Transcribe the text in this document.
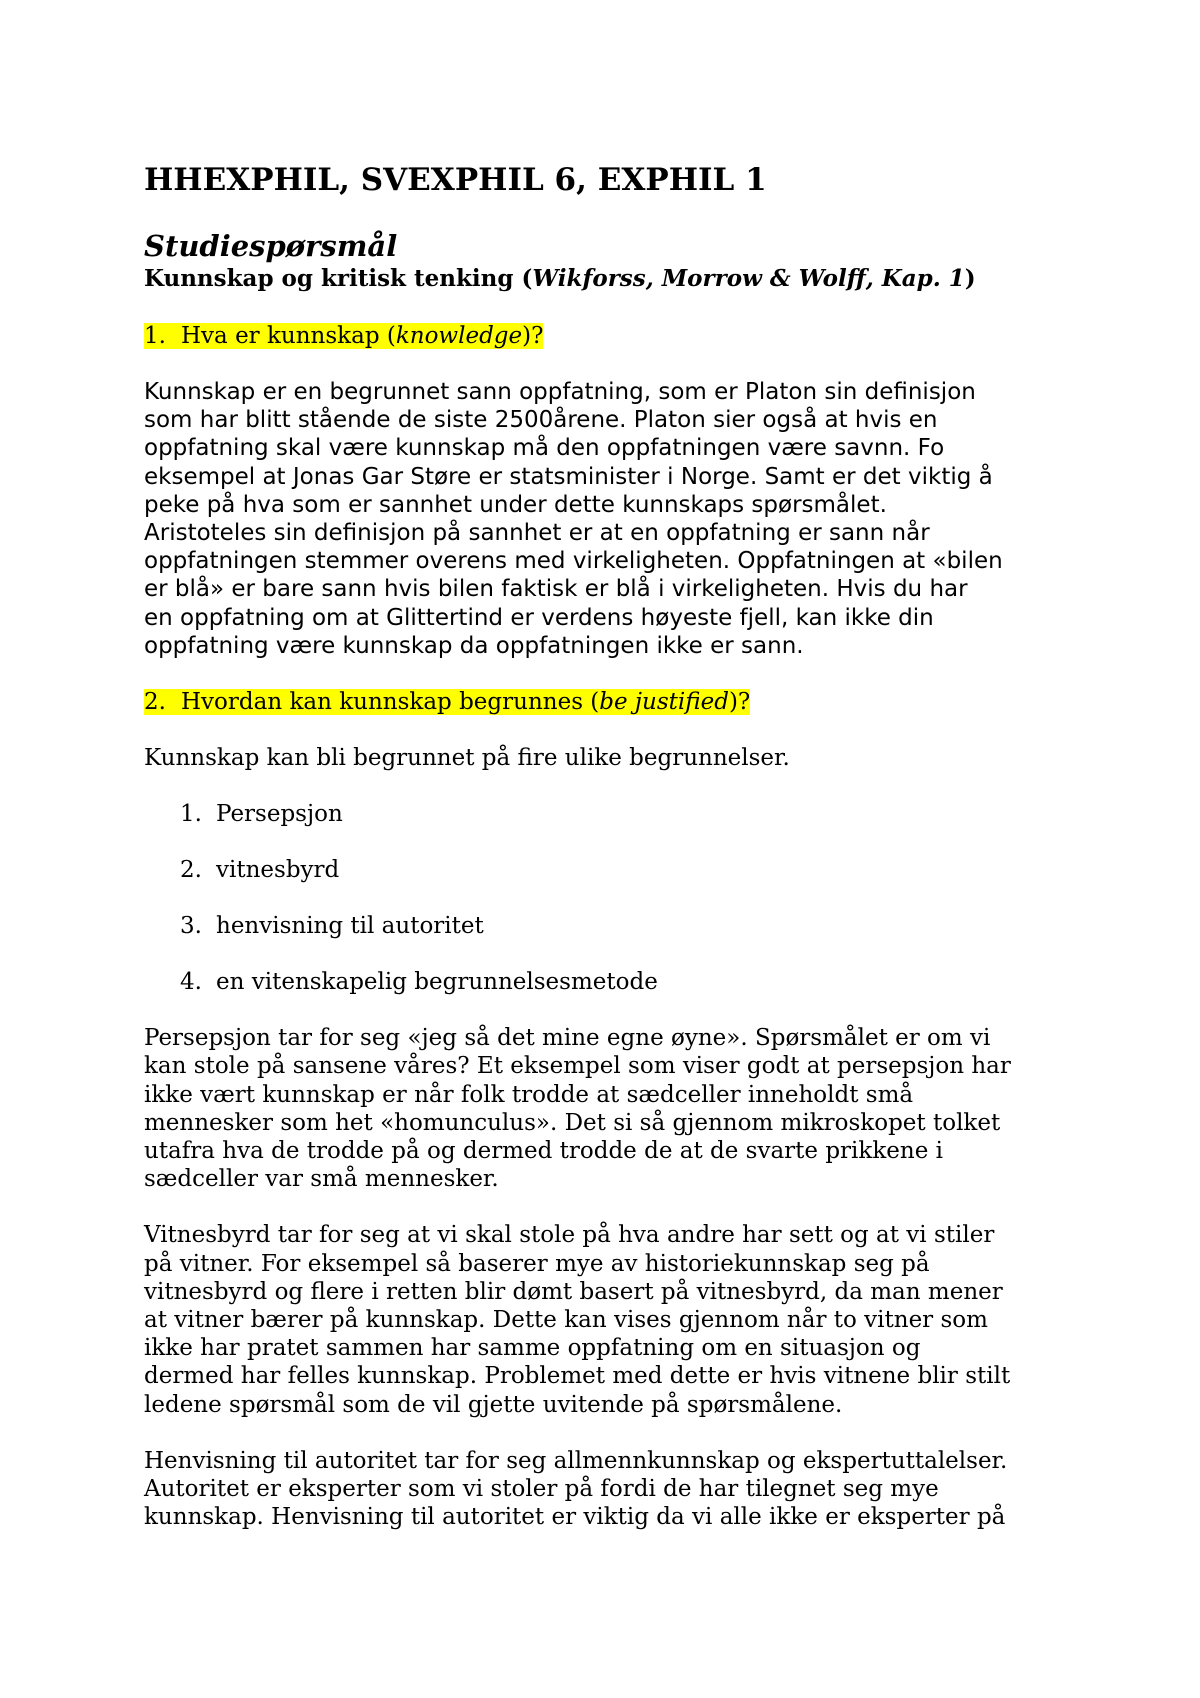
HHEXPHIL, SVEXPHIL 6, EXPHIL 1
Studiespørsmål
Kunnskap og kritisk tenking (Wikforss, Morrow & Wolff, Kap. 1)
1. Hva er kunnskap (knowledge)?
Kunnskap er en begrunnet sann oppfatning, som er Platon sin definisjon
som har blitt stående de siste 2500årene. Platon sier også at hvis en
oppfatning skal være kunnskap må den oppfatningen være savnn. Fo
eksempel at Jonas Gar Støre er statsminister i Norge. Samt er det viktig å
peke på hva som er sannhet under dette kunnskaps spørsmålet.
Aristoteles sin definisjon på sannhet er at en oppfatning er sann når
oppfatningen stemmer overens med virkeligheten. Oppfatningen at «bilen
er blå» er bare sann hvis bilen faktisk er blå i virkeligheten. Hvis du har
en oppfatning om at Glittertind er verdens høyeste fjell, kan ikke din
oppfatning være kunnskap da oppfatningen ikke er sann.
2. Hvordan kan kunnskap begrunnes (be justified)?
Kunnskap kan bli begrunnet på fire ulike begrunnelser.
1. Persepsjon
2. vitnesbyrd
3. henvisning til autoritet
4. en vitenskapelig begrunnelsesmetode
Persepsjon tar for seg «jeg så det mine egne øyne». Spørsmålet er om vi
kan stole på sansene våres? Et eksempel som viser godt at persepsjon har
ikke vært kunnskap er når folk trodde at sædceller inneholdt små
mennesker som het «homunculus». Det si så gjennom mikroskopet tolket
utafra hva de trodde på og dermed trodde de at de svarte prikkene i
sædceller var små mennesker.
Vitnesbyrd tar for seg at vi skal stole på hva andre har sett og at vi stiler
på vitner. For eksempel så baserer mye av historiekunnskap seg på
vitnesbyrd og flere i retten blir dømt basert på vitnesbyrd, da man mener
at vitner bærer på kunnskap. Dette kan vises gjennom når to vitner som
ikke har pratet sammen har samme oppfatning om en situasjon og
dermed har felles kunnskap. Problemet med dette er hvis vitnene blir stilt
ledene spørsmål som de vil gjette uvitende på spørsmålene.
Henvisning til autoritet tar for seg allmennkunnskap og ekspertuttalelser.
Autoritet er eksperter som vi stoler på fordi de har tilegnet seg mye
kunnskap. Henvisning til autoritet er viktig da vi alle ikke er eksperter på
